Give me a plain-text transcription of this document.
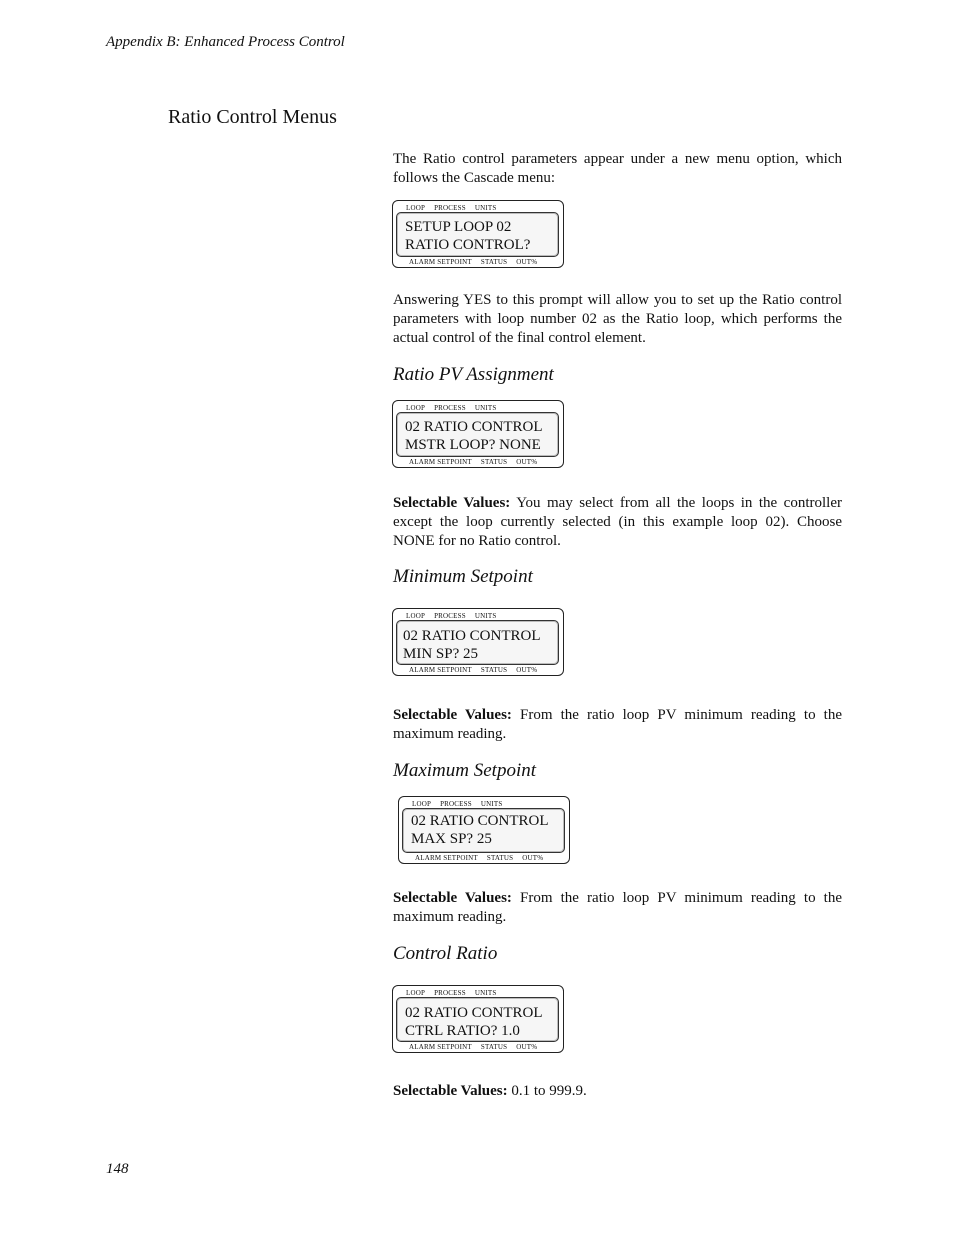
Appendix B: Enhanced Process Control
Ratio Control Menus
The Ratio control parameters appear under a new menu option, which follows the Cascade menu:
LOOP PROCESS UNITS
SETUP LOOP 02
RATIO CONTROL?
ALARM SETPOINT STATUS OUT%
Answering YES to this prompt will allow you to set up the Ratio control parameters with loop number 02 as the Ratio loop, which performs the actual control of the final control element.
Ratio PV Assignment
LOOP PROCESS UNITS
02 RATIO CONTROL
MSTR LOOP? NONE
ALARM SETPOINT STATUS OUT%
Selectable Values: You may select from all the loops in the controller except the loop currently selected (in this example loop 02). Choose NONE for no Ratio control.
Minimum Setpoint
LOOP PROCESS UNITS
02 RATIO CONTROL
MIN SP? 25
ALARM SETPOINT STATUS OUT%
Selectable Values: From the ratio loop PV minimum reading to the maximum reading.
Maximum Setpoint
LOOP PROCESS UNITS
02 RATIO CONTROL
MAX SP? 25
ALARM SETPOINT STATUS OUT%
Selectable Values: From the ratio loop PV minimum reading to the maximum reading.
Control Ratio
LOOP PROCESS UNITS
02 RATIO CONTROL
CTRL RATIO? 1.0
ALARM SETPOINT STATUS OUT%
Selectable Values: 0.1 to 999.9.
148
